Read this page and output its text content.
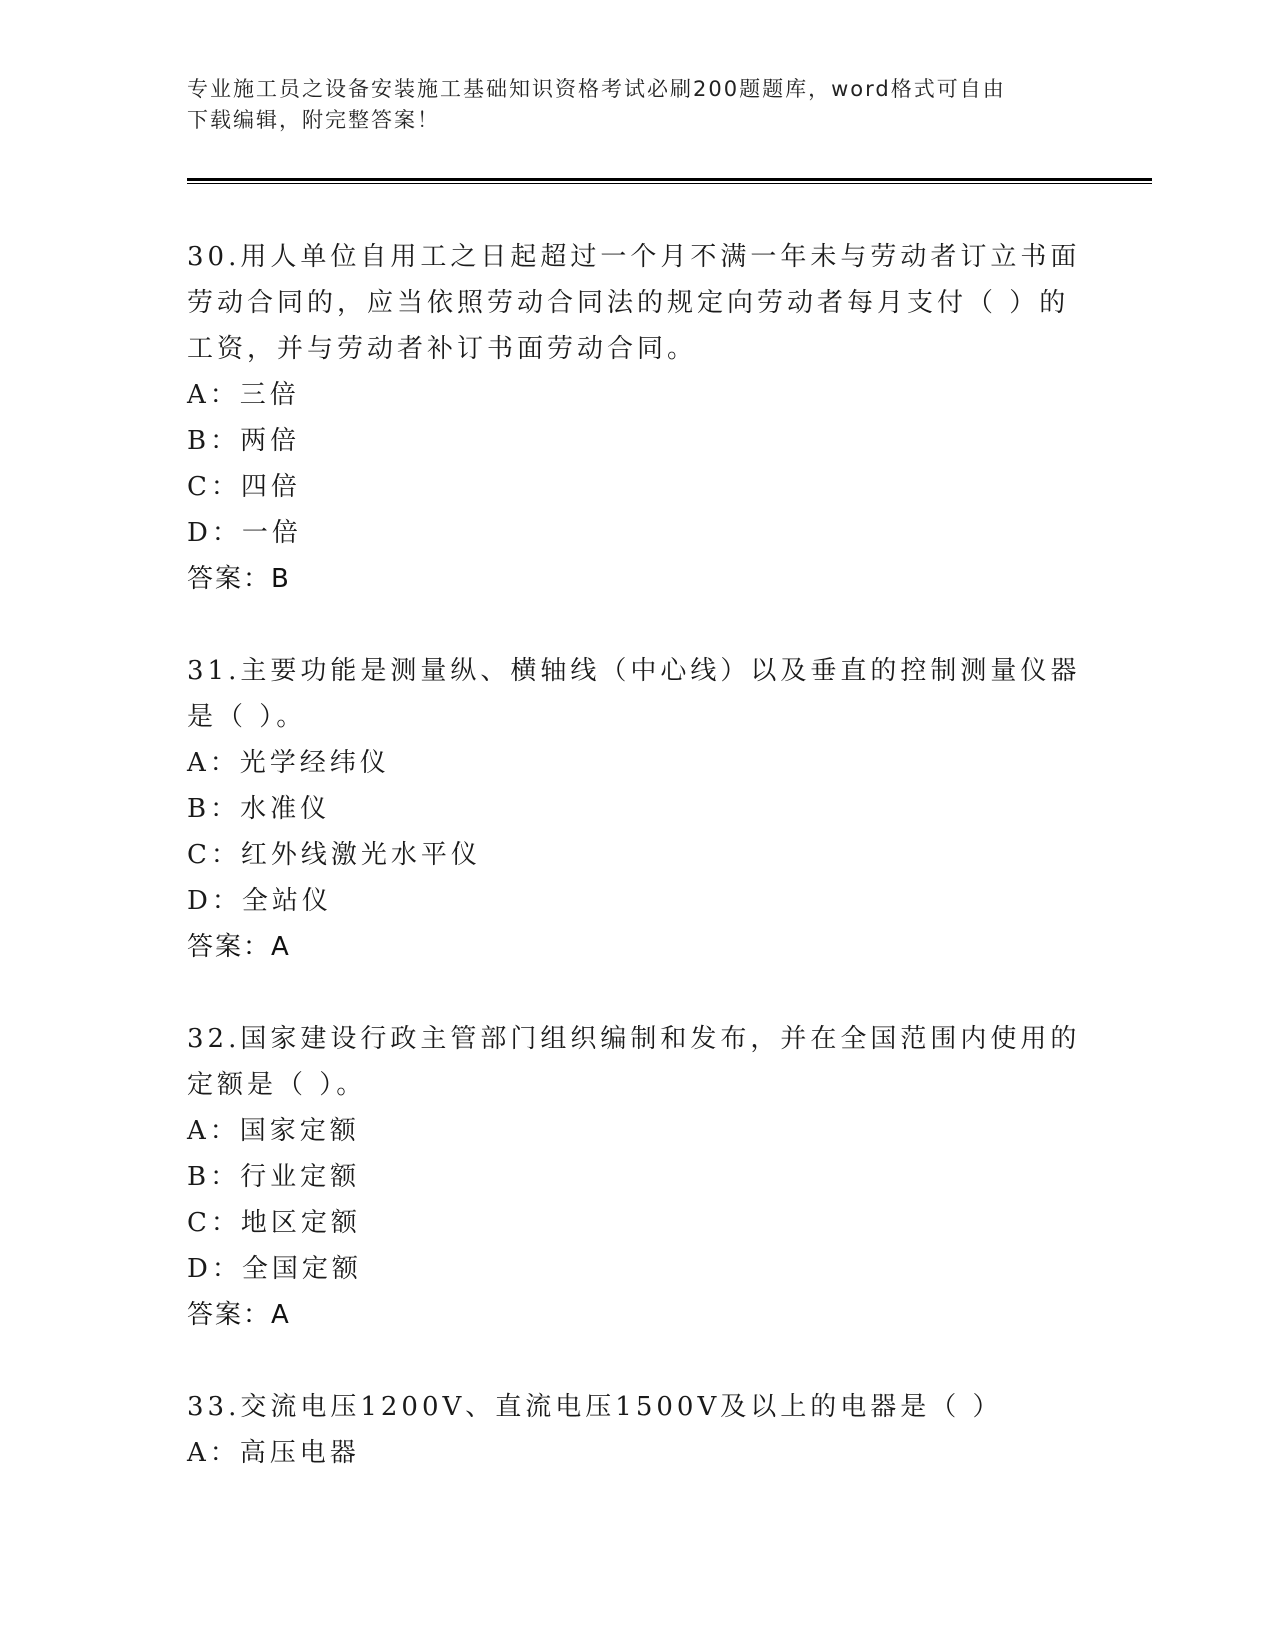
专业施工员之设备安装施工基础知识资格考试必刷200题题库，word格式可自由
下载编辑，附完整答案！

30.用人单位自用工之日起超过一个月不满一年未与劳动者订立书面劳动合同的，应当依照劳动合同法的规定向劳动者每月支付（ ）的工资，并与劳动者补订书面劳动合同。

A：三倍

B：两倍

C：四倍

D：一倍

答案：B

31.主要功能是测量纵、横轴线（中心线）以及垂直的控制测量仪器是（ ）。

A：光学经纬仪

B：水准仪

C：红外线激光水平仪

D：全站仪

答案：A

32.国家建设行政主管部门组织编制和发布，并在全国范围内使用的定额是（ ）。

A：国家定额

B：行业定额

C：地区定额

D：全国定额

答案：A

33.交流电压1200V、直流电压1500V及以上的电器是（ ）

A：高压电器
